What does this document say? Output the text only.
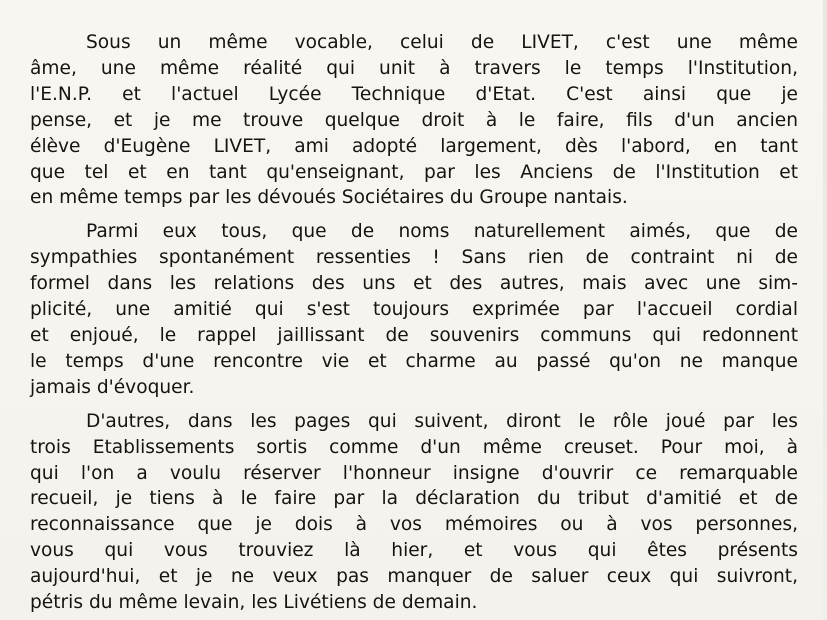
Sous un même vocable, celui de LIVET, c'est une même
âme, une même réalité qui unit à travers le temps l'Institution,
l'E.N.P. et l'actuel Lycée Technique d'Etat. C'est ainsi que je
pense, et je me trouve quelque droit à le faire, fils d'un ancien
élève d'Eugène LIVET, ami adopté largement, dès l'abord, en tant
que tel et en tant qu'enseignant, par les Anciens de l'Institution et
en même temps par les dévoués Sociétaires du Groupe nantais.

Parmi eux tous, que de noms naturellement aimés, que de
sympathies spontanément ressenties ! Sans rien de contraint ni de
formel dans les relations des uns et des autres, mais avec une sim-
plicité, une amitié qui s'est toujours exprimée par l'accueil cordial
et enjoué, le rappel jaillissant de souvenirs communs qui redonnent
le temps d'une rencontre vie et charme au passé qu'on ne manque
jamais d'évoquer.

D'autres, dans les pages qui suivent, diront le rôle joué par les
trois Etablissements sortis comme d'un même creuset. Pour moi, à
qui l'on a voulu réserver l'honneur insigne d'ouvrir ce remarquable
recueil, je tiens à le faire par la déclaration du tribut d'amitié et de
reconnaissance que je dois à vos mémoires ou à vos personnes,
vous qui vous trouviez là hier, et vous qui êtes présents
aujourd'hui, et je ne veux pas manquer de saluer ceux qui suivront,
pétris du même levain, les Livétiens de demain.
